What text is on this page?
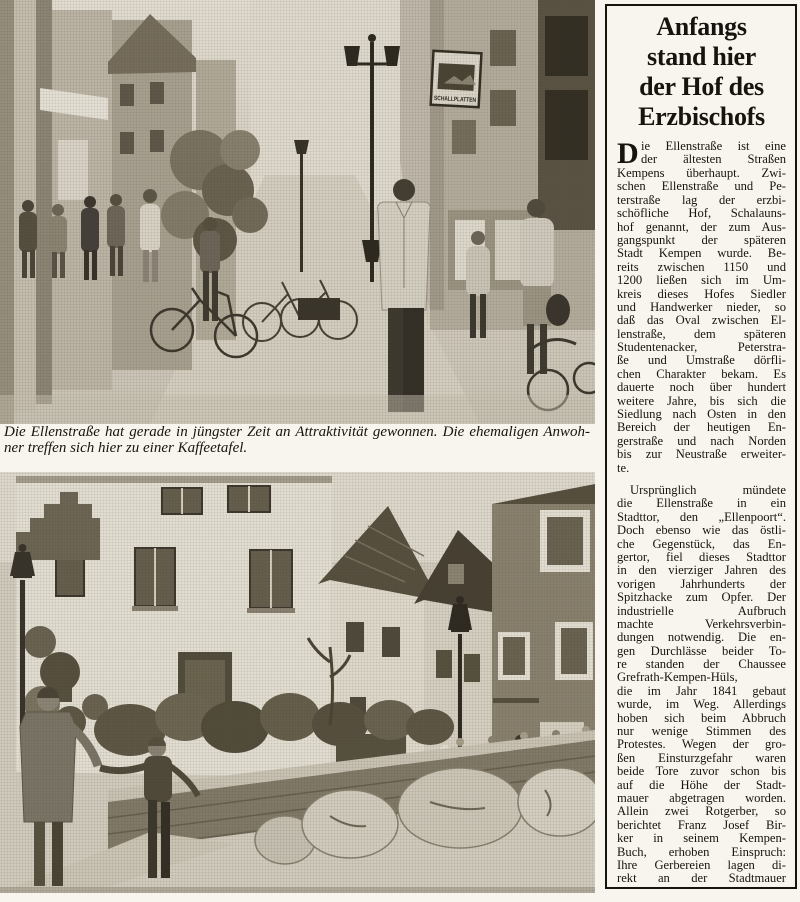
SCHALLPLATTEN
Die Ellenstraße hat gerade in jüngster Zeit an Attraktivität gewonnen. Die ehemaligen Anwoh-
ner treffen sich hier zu einer Kaffeetafel.
Anfangs
stand hier
der Hof des
Erzbischofs
D ie Ellenstraße ist eine
der ältesten Straßen
Kempens überhaupt. Zwi-
schen Ellenstraße und Pe-
terstraße lag der erzbi-
schöfliche Hof, Schalauns-
hof genannt, der zum Aus-
gangspunkt der späteren
Stadt Kempen wurde. Be-
reits zwischen 1150 und
1200 ließen sich im Um-
kreis dieses Hofes Siedler
und Handwerker nieder, so
daß das Oval zwischen El-
lenstraße, dem späteren
Studentenacker, Peterstra-
ße und Umstraße dörfli-
chen Charakter bekam. Es
dauerte noch über hundert
weitere Jahre, bis sich die
Siedlung nach Osten in den
Bereich der heutigen En-
gerstraße und nach Norden
bis zur Neustraße erweiter-
te.
Ursprünglich mündete
die Ellenstraße in ein
Stadttor, den „Ellenpoort“.
Doch ebenso wie das östli-
che Gegenstück, das En-
gertor, fiel dieses Stadttor
in den vierziger Jahren des
vorigen Jahrhunderts der
Spitzhacke zum Opfer. Der
industrielle Aufbruch
machte Verkehrsverbin-
dungen notwendig. Die en-
gen Durchlässe beider To-
re standen der Chaussee
Grefrath-Kempen-Hüls,
die im Jahr 1841 gebaut
wurde, im Weg. Allerdings
hoben sich beim Abbruch
nur wenige Stimmen des
Protestes. Wegen der gro-
ßen Einsturzgefahr waren
beide Tore zuvor schon bis
auf die Höhe der Stadt-
mauer abgetragen worden.
Allein zwei Rotgerber, so
berichtet Franz Josef Bir-
ker in seinem Kempen-
Buch, erhoben Einspruch:
Ihre Gerbereien lagen di-
rekt an der Stadtmauer
